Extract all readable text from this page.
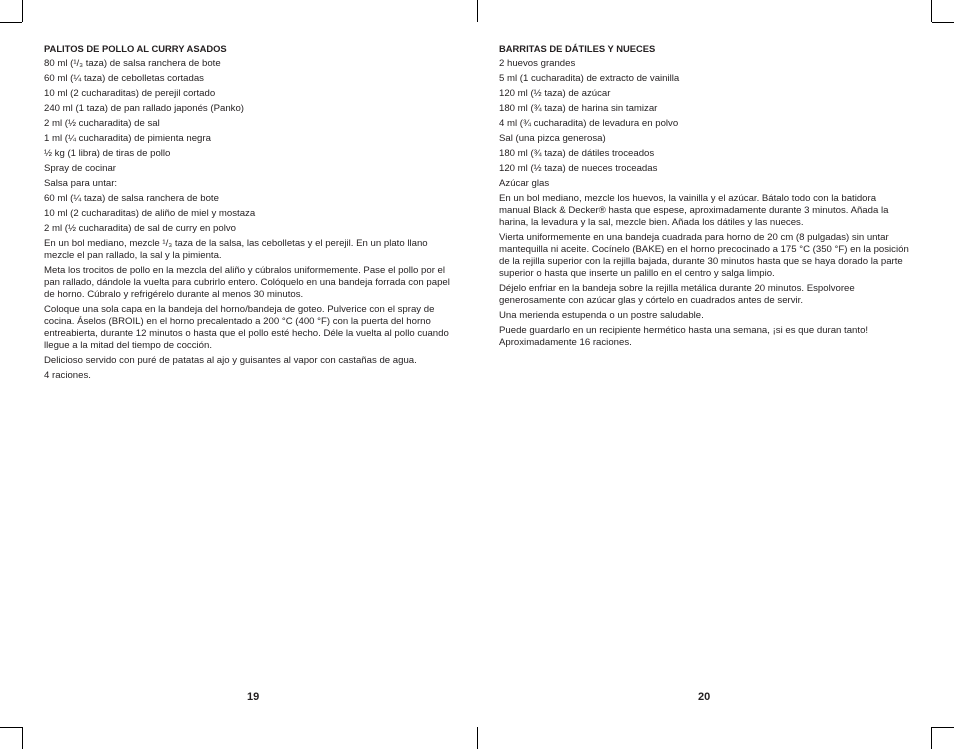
PALITOS DE POLLO AL CURRY ASADOS
80 ml (¹/₃ taza) de salsa ranchera de bote
60 ml (¼ taza) de cebolletas cortadas
10 ml (2 cucharaditas) de perejil cortado
240 ml (1 taza) de pan rallado japonés (Panko)
2 ml (½ cucharadita) de sal
1 ml (¼ cucharadita) de pimienta negra
½ kg (1 libra) de tiras de pollo
Spray de cocinar
Salsa para untar:
60 ml (¼ taza) de salsa ranchera de bote
10 ml (2 cucharaditas) de aliño de miel y mostaza
2 ml (½ cucharadita) de sal de curry en polvo
En un bol mediano, mezcle ¹/₃ taza de la salsa, las cebolletas y el perejil. En un plato llano mezcle el pan rallado, la sal y la pimienta.
Meta los trocitos de pollo en la mezcla del aliño y cúbralos uniformemente. Pase el pollo por el pan rallado, dándole la vuelta para cubrirlo entero. Colóquelo en una bandeja forrada con papel de horno. Cúbralo y refrigérelo durante al menos 30 minutos.
Coloque una sola capa en la bandeja del horno/bandeja de goteo. Pulverice con el spray de cocina. Áselos (BROIL) en el horno precalentado a 200 °C (400 °F) con la puerta del horno entreabierta, durante 12 minutos o hasta que el pollo esté hecho. Déle la vuelta al pollo cuando llegue a la mitad del tiempo de cocción.
Delicioso servido con puré de patatas al ajo y guisantes al vapor con castañas de agua.
4 raciones.
BARRITAS DE DÁTILES Y NUECES
2 huevos grandes
5 ml (1 cucharadita) de extracto de vainilla
120 ml (½ taza) de azúcar
180 ml (¾ taza) de harina sin tamizar
4 ml (¾ cucharadita) de levadura en polvo
Sal (una pizca generosa)
180 ml (¾ taza) de dátiles troceados
120 ml (½ taza) de nueces troceadas
Azúcar glas
En un bol mediano, mezcle los huevos, la vainilla y el azúcar. Bátalo todo con la batidora manual Black & Decker® hasta que espese, aproximadamente durante 3 minutos. Añada la harina, la levadura y la sal, mezcle bien. Añada los dátiles y las nueces.
Vierta uniformemente en una bandeja cuadrada para horno de 20 cm (8 pulgadas) sin untar mantequilla ni aceite. Cocínelo (BAKE) en el horno precocinado a 175 °C (350 °F) en la posición de la rejilla superior con la rejilla bajada, durante 30 minutos hasta que se haya dorado la parte superior o hasta que inserte un palillo en el centro y salga limpio.
Déjelo enfriar en la bandeja sobre la rejilla metálica durante 20 minutos. Espolvoree generosamente con azúcar glas y córtelo en cuadrados antes de servir.
Una merienda estupenda o un postre saludable.
Puede guardarlo en un recipiente hermético hasta una semana, ¡si es que duran tanto! Aproximadamente 16 raciones.
19	20
